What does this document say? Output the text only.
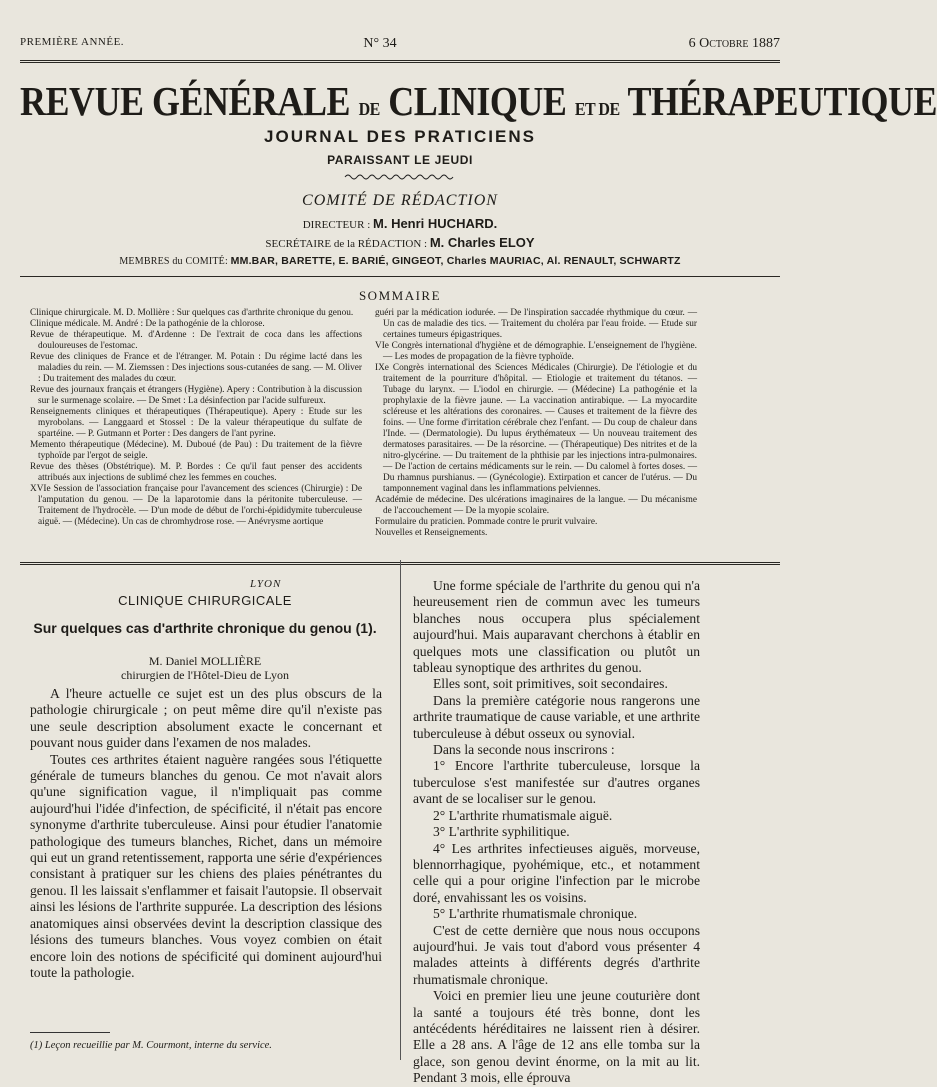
PREMIÈRE ANNÉE.	N° 34	6 Octobre 1887
REVUE GÉNÉRALE DE CLINIQUE ET DE THÉRAPEUTIQUE
JOURNAL DES PRATICIENS
PARAISSANT LE JEUDI
COMITÉ DE RÉDACTION
DIRECTEUR : M. Henri HUCHARD.
SECRÉTAIRE de la RÉDACTION : M. Charles ELOY
MEMBRES du COMITÉ: MM.BAR, BARETTE, E. BARIÉ, GINGEOT, Charles MAURIAC, Al. RENAULT, SCHWARTZ
SOMMAIRE

Clinique chirurgicale. M. D. Mollière : Sur quelques cas d'arthrite chronique du genou.

Clinique médicale. M. André : De la pathogénie de la chlorose.

Revue de thérapeutique. M. d'Ardenne : De l'extrait de coca dans les affections douloureuses de l'estomac.

Revue des cliniques de France et de l'étranger. M. Potain : Du régime lacté dans les maladies du rein. — M. Ziemssen : Des injections sous-cutanées de sang. — M. Oliver : Du traitement des malades du cœur.

Revue des journaux français et étrangers (Hygiène). Apery : Contribution à la discussion sur le surmenage scolaire. — De Smet : La désinfection par l'acide sulfureux.

Renseignements cliniques et thérapeutiques (Thérapeutique). Apery : Etude sur les myrobolans. — Langgaard et Stossel : De la valeur thérapeutique du sulfate de spartéine. — P. Gutmann et Porter : Des dangers de l'ant pyrine.

Memento thérapeutique (Médecine). M. Duboué (de Pau) : Du traitement de la fièvre typhoïde par l'ergot de seigle.

Revue des thèses (Obstétrique). M. P. Bordes : Ce qu'il faut penser des accidents attribués aux injections de sublimé chez les femmes en couches.

XVIe Session de l'association française pour l'avancement des sciences (Chirurgie) : De l'amputation du genou. — De la laparotomie dans la péritonite tuberculeuse. — Traitement de l'hydrocèle. — D'un mode de début de l'orchi-épididymite tuberculeuse aiguë. — (Médecine). Un cas de chromhydrose rose. — Anévrysme aortique

guéri par la médication iodurée. — De l'inspiration saccadée rhythmique du cœur. — Un cas de maladie des tics. — Traitement du choléra par l'eau froide. — Etude sur certaines tumeurs épigastriques.

VIe Congrès international d'hygiène et de démographie. L'enseignement de l'hygiène. — Les modes de propagation de la fièvre typhoïde.

IXe Congrès international des Sciences Médicales (Chirurgie). De l'étiologie et du traitement de la pourriture d'hôpital. — Etiologie et traitement du tétanos. — Tubage du larynx. — L'iodol en chirurgie. — (Médecine) La pathogénie et la prophylaxie de la fièvre jaune. — La vaccination antirabique. — La myocardite scléreuse et les altérations des coronaires. — Causes et traitement de la fièvre des foins. — Une forme d'irritation cérébrale chez l'enfant. — Du coup de chaleur dans l'Inde. — (Dermatologie). Du lupus érythémateux — Un nouveau traitement des dermatoses parasitaires. — De la résorcine. — (Thérapeutique) Des nitrites et de la nitro-glycérine. — Du traitement de la phthisie par les injections intra-pulmonaires. — De l'action de certains médicaments sur le rein. — Du calomel à fortes doses. — Du rhamnus purshianus. — (Gynécologie). Extirpation et cancer de l'utérus. — Du tamponnement vaginal dans les inflammations pelviennes.

Académie de médecine. Des ulcérations imaginaires de la langue. — Du mécanisme de l'accouchement — De la myopie scolaire.

Formulaire du praticien. Pommade contre le prurit vulvaire.

Nouvelles et Renseignements.

LYON
CLINIQUE CHIRURGICALE
Sur quelques cas d'arthrite chronique du genou (1).
M. Daniel MOLLIÈRE
chirurgien de l'Hôtel-Dieu de Lyon

A l'heure actuelle ce sujet est un des plus obscurs de la pathologie chirurgicale ; on peut même dire qu'il n'existe pas une seule description absolument exacte le concernant et pouvant nous guider dans l'examen de nos malades.

Toutes ces arthrites étaient naguère rangées sous l'étiquette générale de tumeurs blanches du genou. Ce mot n'avait alors qu'une signification vague, il n'impliquait pas comme aujourd'hui l'idée d'infection, de spécificité, il n'était pas encore synonyme d'arthrite tuberculeuse. Ainsi pour étudier l'anatomie pathologique des tumeurs blanches, Richet, dans un mémoire qui eut un grand retentissement, rapporta une série d'expériences consistant à pratiquer sur les chiens des plaies pénétrantes du genou. Il les laissait s'enflammer et faisait l'autopsie. Il observait ainsi les lésions de l'arthrite suppurée. La description des lésions anatomiques ainsi observées devint la description classique des lésions des tumeurs blanches. Vous voyez combien on était encore loin des notions de spécificité qui dominent aujourd'hui toute la pathologie.

Une forme spéciale de l'arthrite du genou qui n'a heureusement rien de commun avec les tumeurs blanches nous occupera plus spécialement aujourd'hui. Mais auparavant cherchons à établir en quelques mots une classification ou plutôt un tableau synoptique des arthrites du genou.

Elles sont, soit primitives, soit secondaires.

Dans la première catégorie nous rangerons une arthrite traumatique de cause variable, et une arthrite tuberculeuse à début osseux ou synovial.

Dans la seconde nous inscrirons :

1° Encore l'arthrite tuberculeuse, lorsque la tuberculose s'est manifestée sur d'autres organes avant de se localiser sur le genou.

2° L'arthrite rhumatismale aiguë.

3° L'arthrite syphilitique.

4° Les arthrites infectieuses aiguës, morveuse, blennorrhagique, pyohémique, etc., et notamment celle qui a pour origine l'infection par le microbe doré, envahissant les os voisins.

5° L'arthrite rhumatismale chronique.

C'est de cette dernière que nous nous occupons aujourd'hui. Je vais tout d'abord vous présenter 4 malades atteints à différents degrés d'arthrite rhumatismale chronique.

Voici en premier lieu une jeune couturière dont la santé a toujours été très bonne, dont les antécédents héréditaires ne laissent rien à désirer. Elle a 28 ans. A l'âge de 12 ans elle tomba sur la glace, son genou devint énorme, on la mit au lit. Pendant 3 mois, elle éprouva

(1) Leçon recueillie par M. Courmont, interne du service.
